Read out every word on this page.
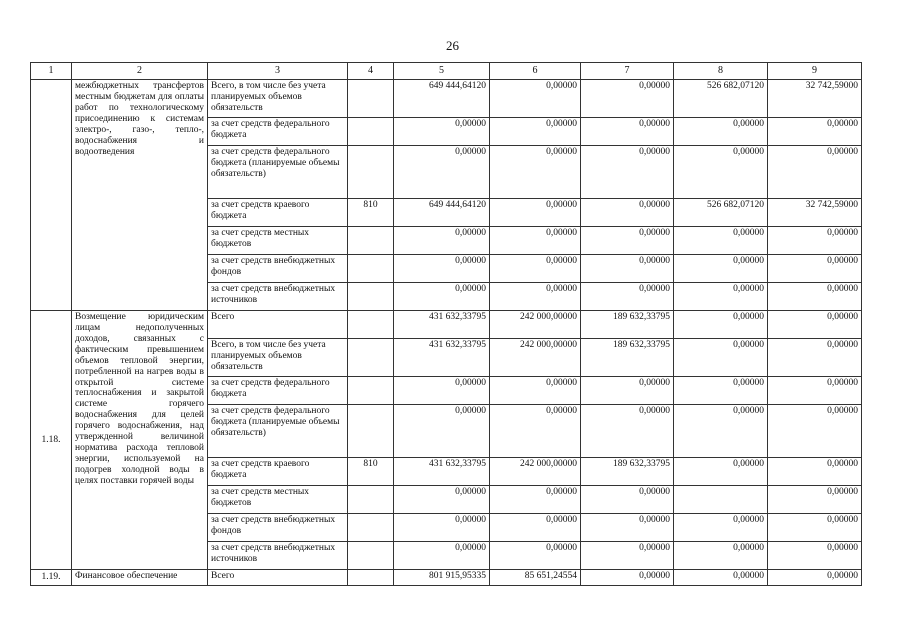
26
1	2	3	4	5	6	7	8	9
	межбюджетных трансфертов местным бюджетам для оплаты работ по технологическому присоединению к системам электро-, газо-, тепло-, водоснабжения и водоотведения	Всего, в том числе без учета планируемых объемов обязательств		649 444,64120	0,00000	0,00000	526 682,07120	32 742,59000
		за счет средств федерального бюджета		0,00000	0,00000	0,00000	0,00000	0,00000
		за счет средств федерального бюджета (планируемые объемы обязательств)		0,00000	0,00000	0,00000	0,00000	0,00000
		за счет средств краевого бюджета	810	649 444,64120	0,00000	0,00000	526 682,07120	32 742,59000
		за счет средств местных бюджетов		0,00000	0,00000	0,00000	0,00000	0,00000
		за счет средств внебюджетных фондов		0,00000	0,00000	0,00000	0,00000	0,00000
		за счет средств внебюджетных источников		0,00000	0,00000	0,00000	0,00000	0,00000
1.18.	Возмещение юридическим лицам недополученных доходов, связанных с фактическим превышением объемов тепловой энергии, потребленной на нагрев воды в открытой системе теплоснабжения и закрытой системе горячего водоснабжения для целей горячего водоснабжения, над утвержденной величиной норматива расхода тепловой энергии, используемой на подогрев холодной воды в целях поставки горячей воды	Всего		431 632,33795	242 000,00000	189 632,33795	0,00000	0,00000
		Всего, в том числе без учета планируемых объемов обязательств		431 632,33795	242 000,00000	189 632,33795	0,00000	0,00000
		за счет средств федерального бюджета		0,00000	0,00000	0,00000	0,00000	0,00000
		за счет средств федерального бюджета (планируемые объемы обязательств)		0,00000	0,00000	0,00000	0,00000	0,00000
		за счет средств краевого бюджета	810	431 632,33795	242 000,00000	189 632,33795	0,00000	0,00000
		за счет средств местных бюджетов		0,00000	0,00000	0,00000		0,00000
		за счет средств внебюджетных фондов		0,00000	0,00000	0,00000	0,00000	0,00000
		за счет средств внебюджетных источников		0,00000	0,00000	0,00000	0,00000	0,00000
1.19.	Финансовое обеспечение	Всего		801 915,95335	85 651,24554	0,00000	0,00000	0,00000
